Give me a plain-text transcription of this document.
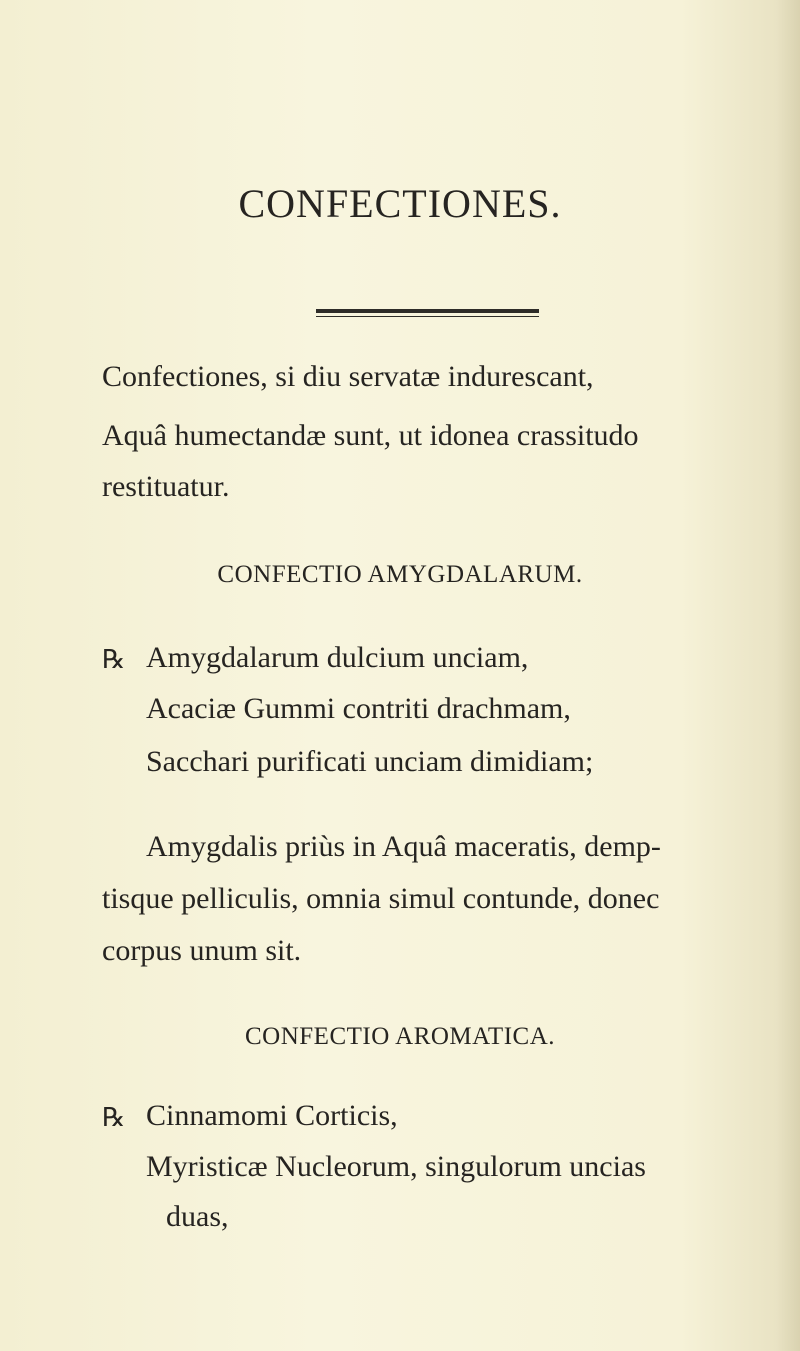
CONFECTIONES.
Confectiones, si diu servatæ indurescant,
Aquâ humectandæ sunt, ut idonea crassitudo
restituatur.
CONFECTIO AMYGDALARUM.
℞ Amygdalarum dulcium unciam,
Acaciæ Gummi contriti drachmam,
Sacchari purificati unciam dimidiam;
Amygdalis priùs in Aquâ maceratis, demp-
tisque pelliculis, omnia simul contunde, donec
corpus unum sit.
CONFECTIO AROMATICA.
℞ Cinnamomi Corticis,
Myristicæ Nucleorum, singulorum uncias
duas,
